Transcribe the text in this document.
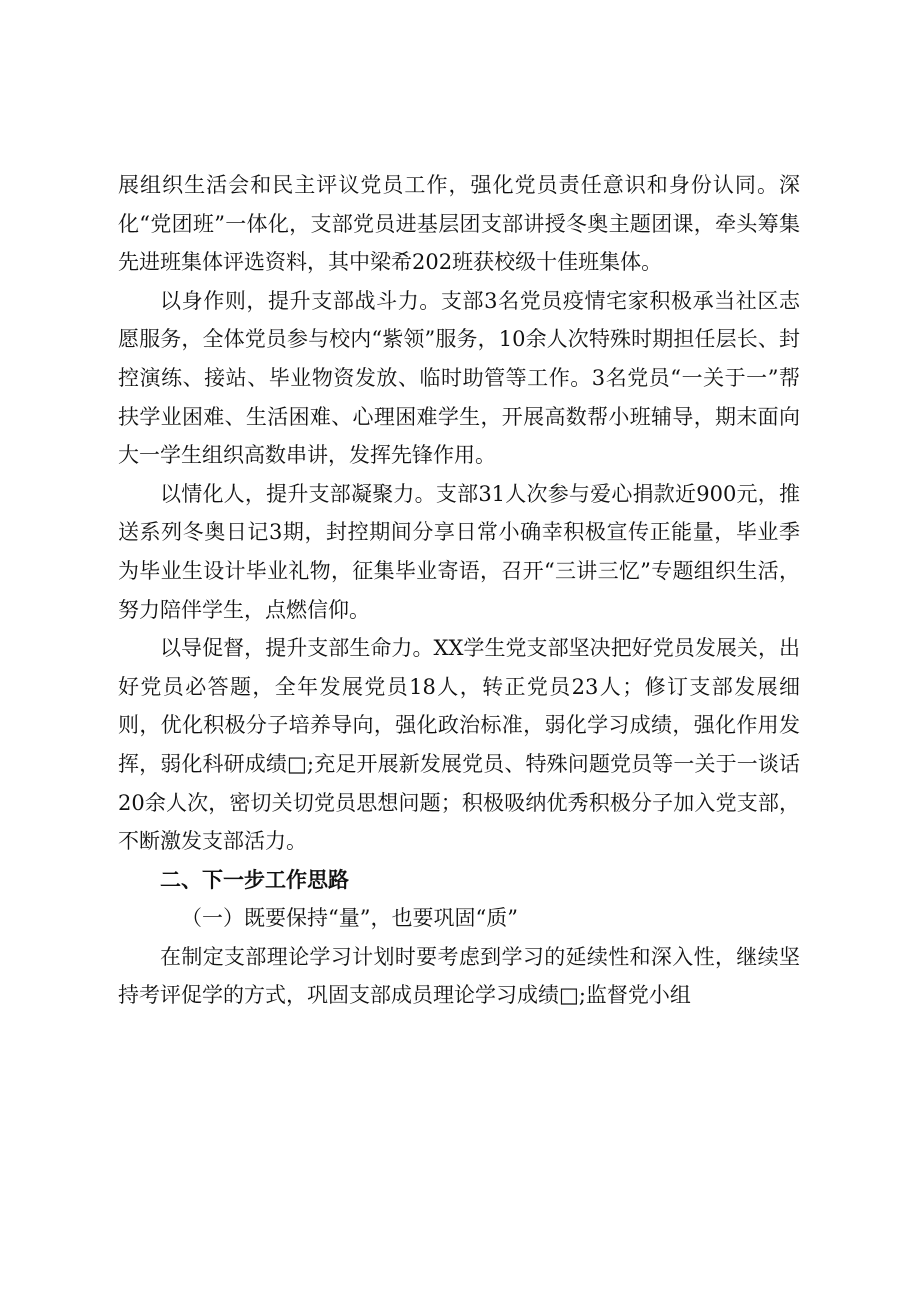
展组织生活会和民主评议党员工作，强化党员责任意识和身份认同。深化“党团班”一体化，支部党员进基层团支部讲授冬奥主题团课，牵头筹集先进班集体评选资料，其中梁希202班获校级十佳班集体。

以身作则，提升支部战斗力。支部3名党员疫情宅家积极承当社区志愿服务，全体党员参与校内“紫领”服务，10余人次特殊时期担任层长、封控演练、接站、毕业物资发放、临时助管等工作。3名党员“一关于一”帮扶学业困难、生活困难、心理困难学生，开展高数帮小班辅导，期末面向大一学生组织高数串讲，发挥先锋作用。

以情化人，提升支部凝聚力。支部31人次参与爱心捐款近900元，推送系列冬奥日记3期，封控期间分享日常小确幸积极宣传正能量，毕业季为毕业生设计毕业礼物，征集毕业寄语，召开“三讲三忆”专题组织生活，努力陪伴学生，点燃信仰。

以导促督，提升支部生命力。XX学生党支部坚决把好党员发展关，出好党员必答题，全年发展党员18人，转正党员23人；修订支部发展细则，优化积极分子培养导向，强化政治标准，弱化学习成绩，强化作用发挥，弱化科研成绩□;充足开展新发展党员、特殊问题党员等一关于一谈话20余人次，密切关切党员思想问题；积极吸纳优秀积极分子加入党支部，不断激发支部活力。

二、下一步工作思路

（一）既要保持“量”，也要巩固“质”

在制定支部理论学习计划时要考虑到学习的延续性和深入性，继续坚持考评促学的方式，巩固支部成员理论学习成绩□;监督党小组
